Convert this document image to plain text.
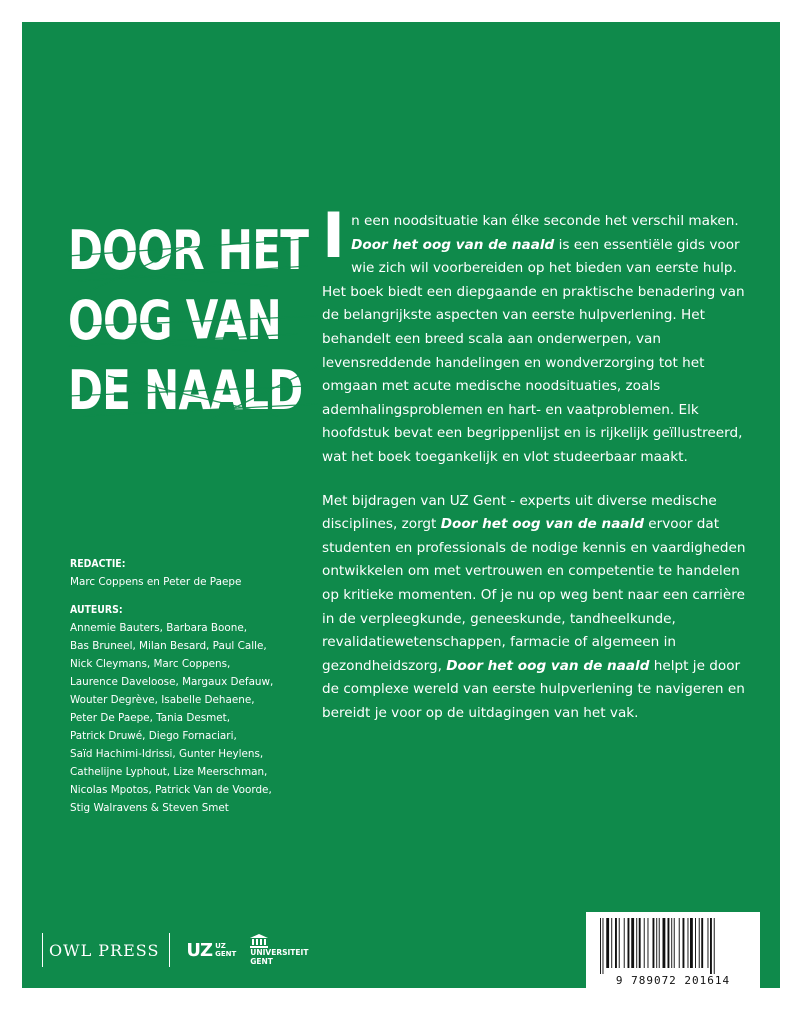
DOOR HET
OOG VAN
DE NAALD

In een noodsituatie kan élke seconde het verschil maken. Door het oog van de naald is een essentiële gids voor wie zich wil voorbereiden op het bieden van eerste hulp. Het boek biedt een diepgaande en praktische benadering van de belangrijkste aspecten van eerste hulpverlening. Het behandelt een breed scala aan onderwerpen, van levensreddende handelingen en wondverzorging tot het omgaan met acute medische noodsituaties, zoals ademhalingsproblemen en hart- en vaatproblemen. Elk hoofdstuk bevat een begrippenlijst en is rijkelijk geïllustreerd, wat het boek toegankelijk en vlot studeerbaar maakt.

Met bijdragen van UZ Gent - experts uit diverse medische disciplines, zorgt Door het oog van de naald ervoor dat studenten en professionals de nodige kennis en vaardigheden ontwikkelen om met vertrouwen en competentie te handelen op kritieke momenten. Of je nu op weg bent naar een carrière in de verpleegkunde, geneeskunde, tandheelkunde, revalidatiewetenschappen, farmacie of algemeen in gezondheidszorg, Door het oog van de naald helpt je door de complexe wereld van eerste hulpverlening te navigeren en bereidt je voor op de uitdagingen van het vak.

REDACTIE:
Marc Coppens en Peter de Paepe
AUTEURS:
Annemie Bauters, Barbara Boone,
Bas Bruneel, Milan Besard, Paul Calle,
Nick Cleymans, Marc Coppens,
Laurence Daveloose, Margaux Defauw,
Wouter Degrève, Isabelle Dehaene,
Peter De Paepe, Tania Desmet,
Patrick Druwé, Diego Fornaciari,
Saïd Hachimi-Idrissi, Gunter Heylens,
Cathelijne Lyphout, Lize Meerschman,
Nicolas Mpotos, Patrick Van de Voorde,
Stig Walravens & Steven Smet
OWL PRESS UZ UZ
GENT UNIVERSITEIT
GENT
9 789072 201614
